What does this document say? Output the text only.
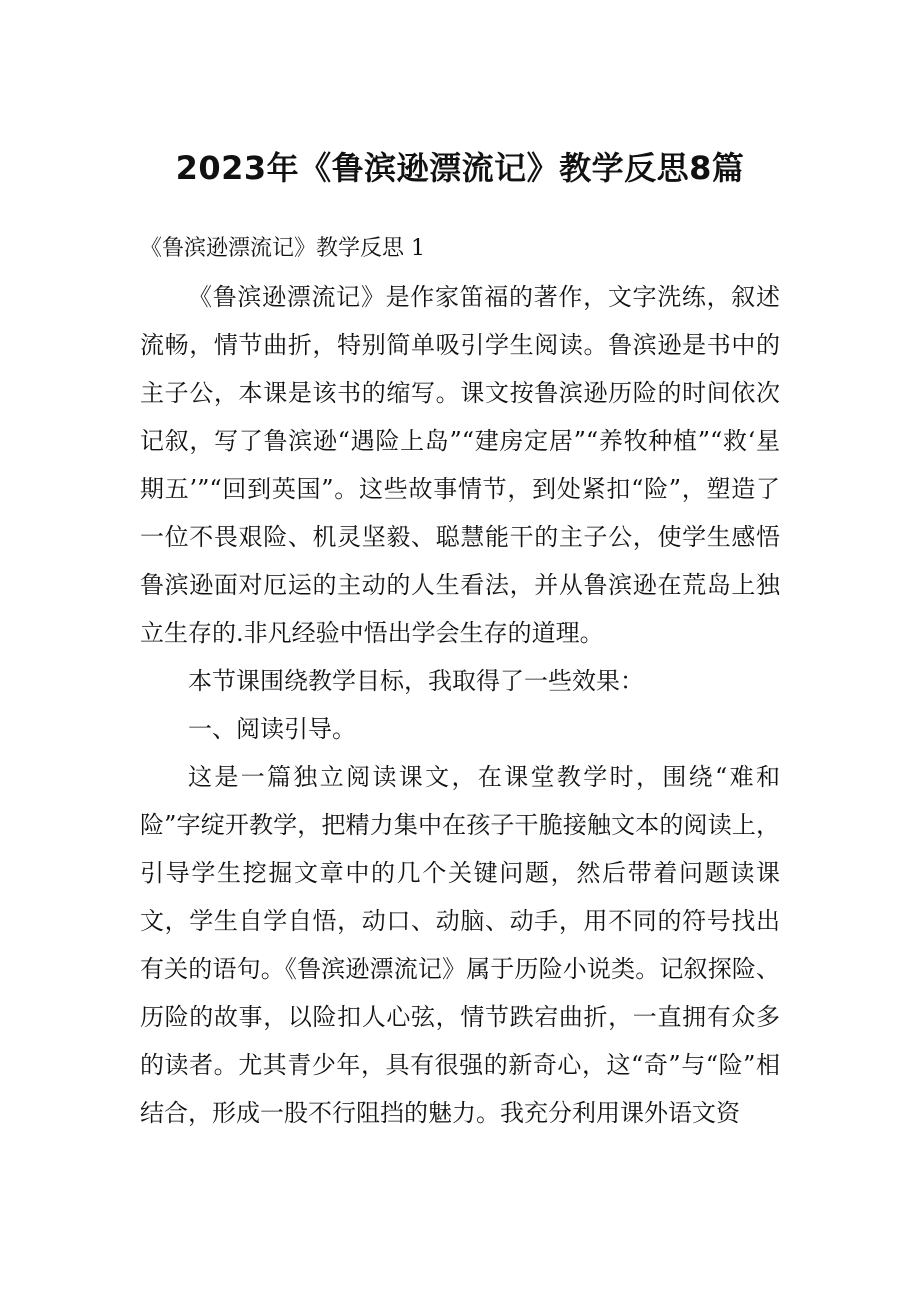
2023年《鲁滨逊漂流记》教学反思8篇

《鲁滨逊漂流记》教学反思 1

《鲁滨逊漂流记》是作家笛福的著作，文字洗练，叙述流畅，情节曲折，特别简单吸引学生阅读。鲁滨逊是书中的主子公，本课是该书的缩写。课文按鲁滨逊历险的时间依次记叙，写了鲁滨逊“遇险上岛”“建房定居”“养牧种植”“救‘星期五’”“回到英国”。这些故事情节，到处紧扣“险”，塑造了一位不畏艰险、机灵坚毅、聪慧能干的主子公，使学生感悟鲁滨逊面对厄运的主动的人生看法，并从鲁滨逊在荒岛上独立生存的.非凡经验中悟出学会生存的道理。

本节课围绕教学目标，我取得了一些效果：

一、阅读引导。

这是一篇独立阅读课文，在课堂教学时，围绕“难和险”字绽开教学，把精力集中在孩子干脆接触文本的阅读上，引导学生挖掘文章中的几个关键问题，然后带着问题读课文，学生自学自悟，动口、动脑、动手，用不同的符号找出有关的语句。《鲁滨逊漂流记》属于历险小说类。记叙探险、历险的故事，以险扣人心弦，情节跌宕曲折，一直拥有众多的读者。尤其青少年，具有很强的新奇心，这“奇”与“险”相结合，形成一股不行阻挡的魅力。我充分利用课外语文资
